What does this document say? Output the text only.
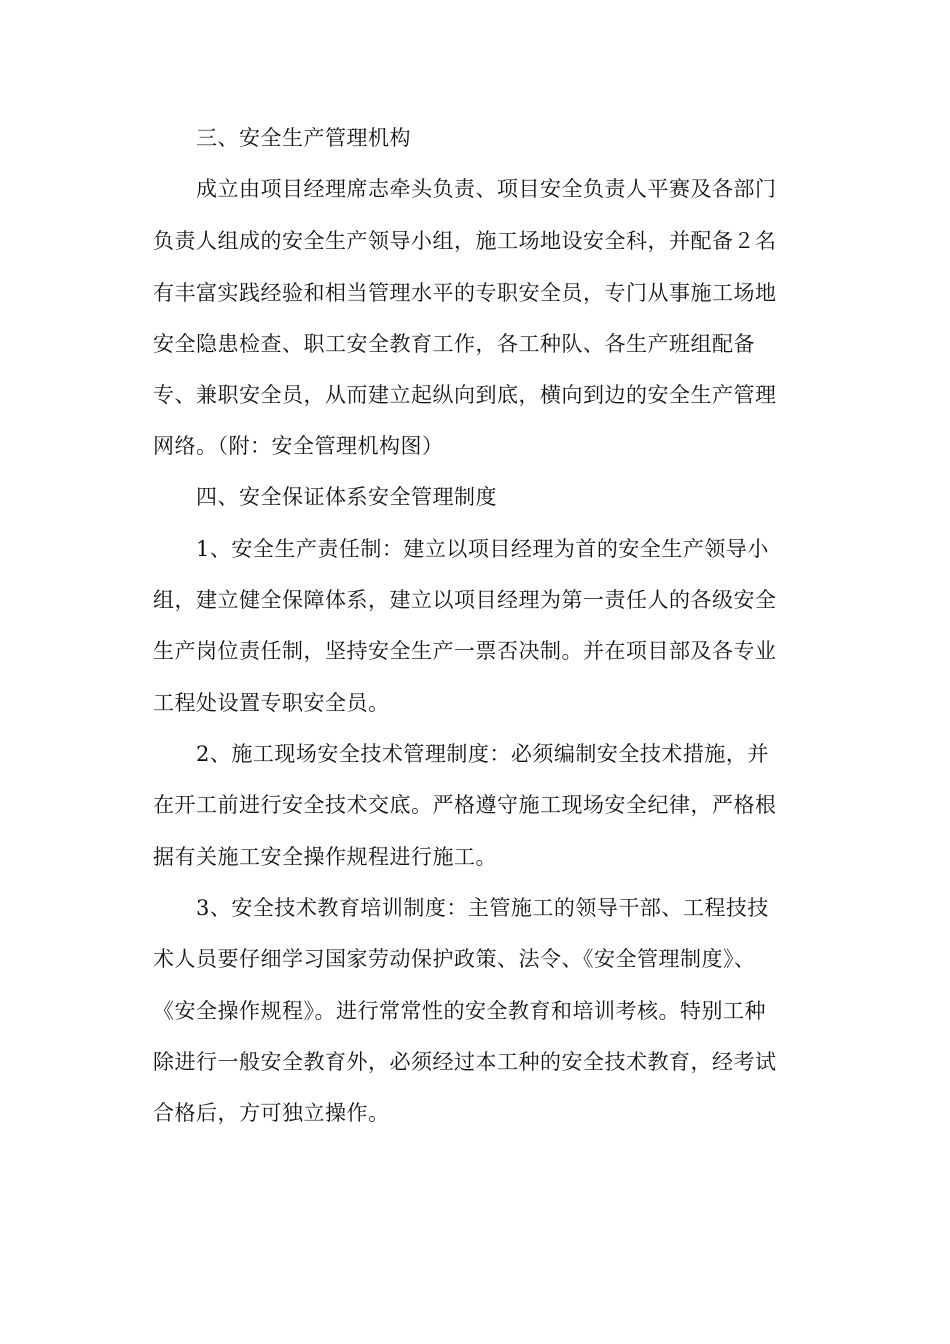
三、安全生产管理机构
成立由项目经理席志牵头负责、项目安全负责人平赛及各部门
负责人组成的安全生产领导小组，施工场地设安全科，并配备２名
有丰富实践经验和相当管理水平的专职安全员，专门从事施工场地
安全隐患检查、职工安全教育工作，各工种队、各生产班组配备
专、兼职安全员，从而建立起纵向到底，横向到边的安全生产管理
网络。（附：安全管理机构图）
四、安全保证体系安全管理制度
1、安全生产责任制：建立以项目经理为首的安全生产领导小
组，建立健全保障体系，建立以项目经理为第一责任人的各级安全
生产岗位责任制，坚持安全生产一票否决制。并在项目部及各专业
工程处设置专职安全员。
2、施工现场安全技术管理制度：必须编制安全技术措施，并
在开工前进行安全技术交底。严格遵守施工现场安全纪律，严格根
据有关施工安全操作规程进行施工。
3、安全技术教育培训制度：主管施工的领导干部、工程技技
术人员要仔细学习国家劳动保护政策、法令、《安全管理制度》、
《安全操作规程》。进行常常性的安全教育和培训考核。特别工种
除进行一般安全教育外，必须经过本工种的安全技术教育，经考试
合格后，方可独立操作。
